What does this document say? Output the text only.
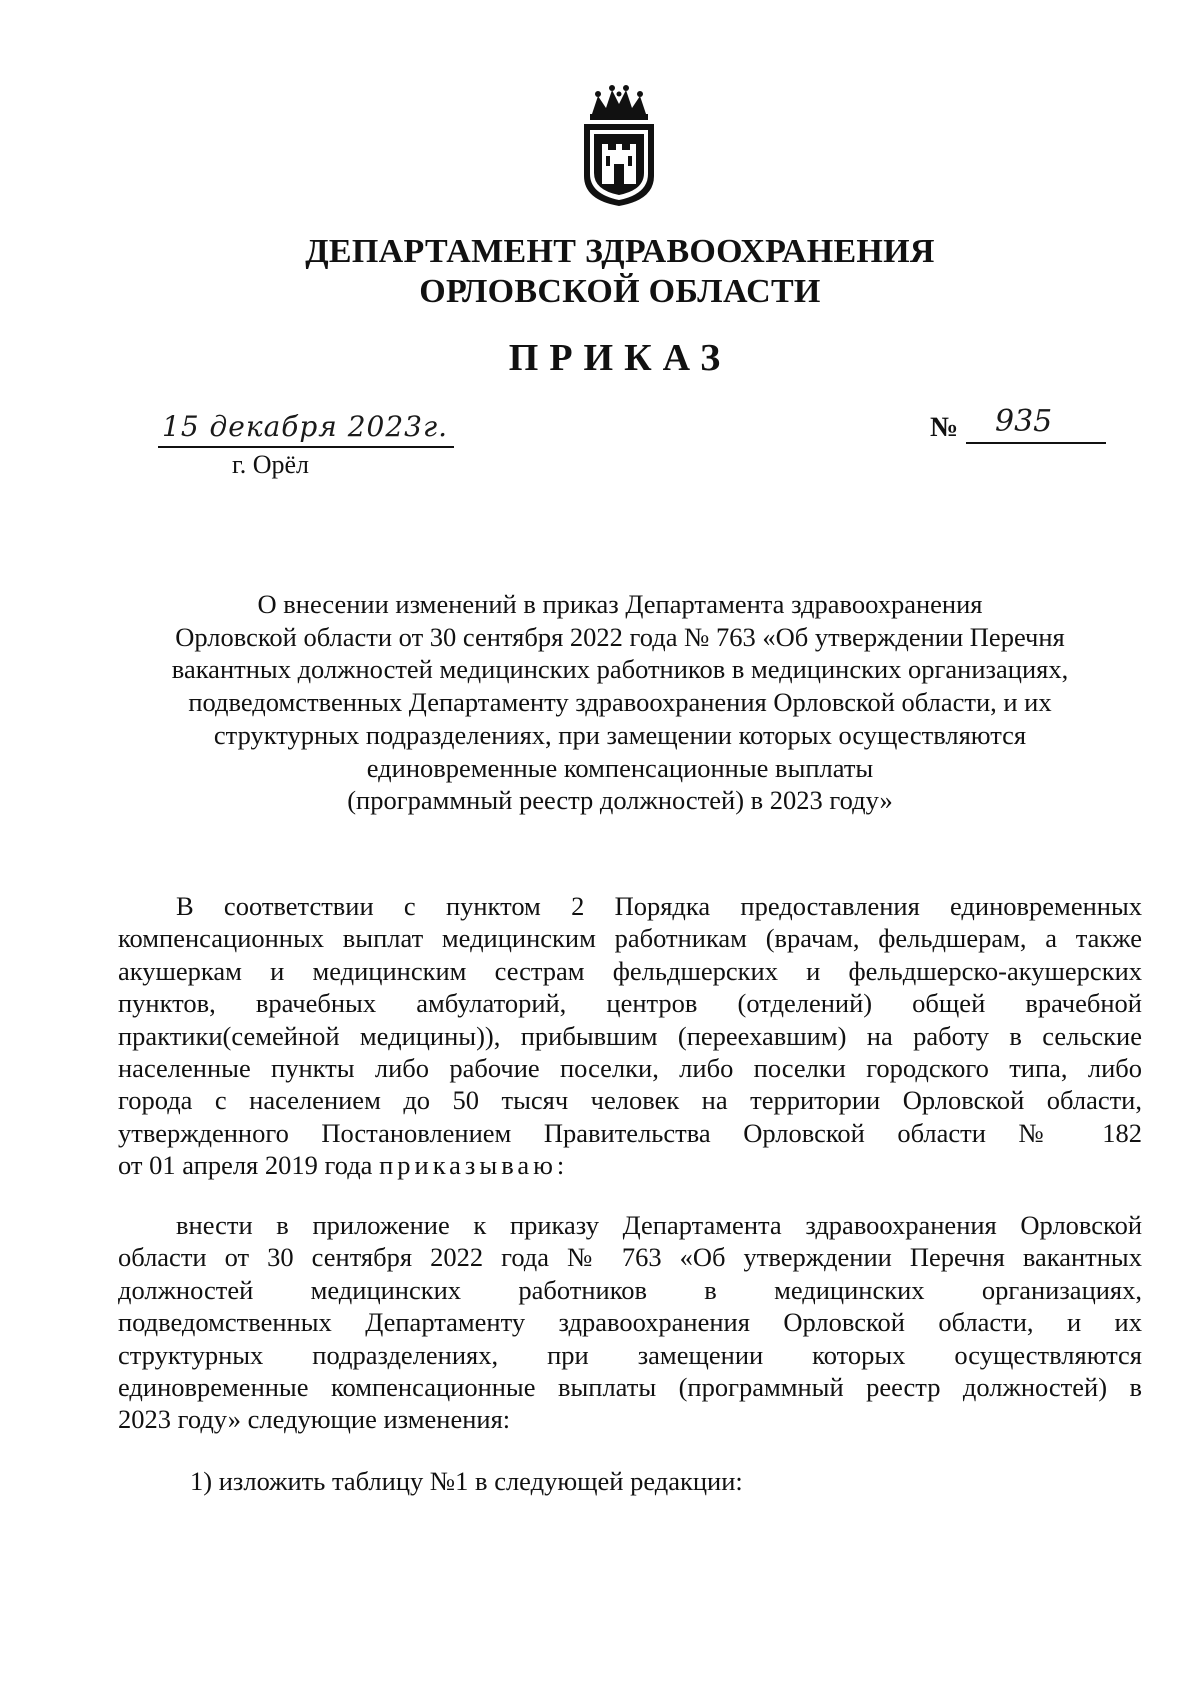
ДЕПАРТАМЕНТ ЗДРАВООХРАНЕНИЯ
ОРЛОВСКОЙ ОБЛАСТИ
ПРИКАЗ
15 декабря 2023г.
г. Орёл
№ 935
О внесении изменений в приказ Департамента здравоохранения
Орловской области от 30 сентября 2022 года № 763 «Об утверждении Перечня
вакантных должностей медицинских работников в медицинских организациях,
подведомственных Департаменту здравоохранения Орловской области, и их
структурных подразделениях, при замещении которых осуществляются
единовременные компенсационные выплаты
(программный реестр должностей) в 2023 году»
В соответствии с пунктом 2 Порядка предоставления единовременных
компенсационных выплат медицинским работникам (врачам, фельдшерам, а также
акушеркам и медицинским сестрам фельдшерских и фельдшерско-акушерских
пунктов, врачебных амбулаторий, центров (отделений) общей врачебной
практики(семейной медицины)), прибывшим (переехавшим) на работу в сельские
населенные пункты либо рабочие поселки, либо поселки городского типа, либо
города с населением до 50 тысяч человек на территории Орловской области,
утвержденного Постановлением Правительства Орловской области № 182
от 01 апреля 2019 года приказываю:
внести в приложение к приказу Департамента здравоохранения Орловской
области от 30 сентября 2022 года № 763 «Об утверждении Перечня вакантных
должностей медицинских работников в медицинских организациях,
подведомственных Департаменту здравоохранения Орловской области, и их
структурных подразделениях, при замещении которых осуществляются
единовременные компенсационные выплаты (программный реестр должностей) в
2023 году» следующие изменения:
1) изложить таблицу №1 в следующей редакции:
